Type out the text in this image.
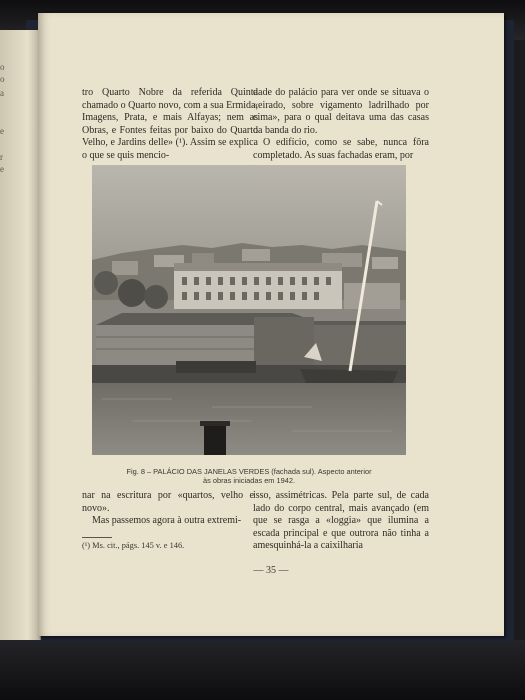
o
o
a
e
r
e

tro Quarto Nobre da referida Quinta chamado o Quarto novo, com a sua Ermida, Imagens, Prata, e mais Alfayas; nem as Obras, e Fontes feitas por baixo do Quarto Velho, e Jardins delle» (¹). Assim se explica o que se quis mencio-

dade do palácio para ver onde se situava o «eirado, sobre vigamento ladrilhado por cima», para o qual deitava uma das casas da banda do rio.

O edifício, como se sabe, nunca fôra completado. As suas fachadas eram, por

Fig. 8 – PALÁCIO DAS JANELAS VERDES (fachada sul). Aspecto anterior
às obras iniciadas em 1942.

nar na escritura por «quartos, velho e novo».

Mas passemos agora à outra extremi-

isso, assimétricas. Pela parte sul, de cada lado do corpo central, mais avançado (em que se rasga a «loggia» que ilumina a escada principal e que outrora não tinha a amesquinhá-la a caixilharia

(¹) Ms. cit., págs. 145 v. e 146.
— 35 —
